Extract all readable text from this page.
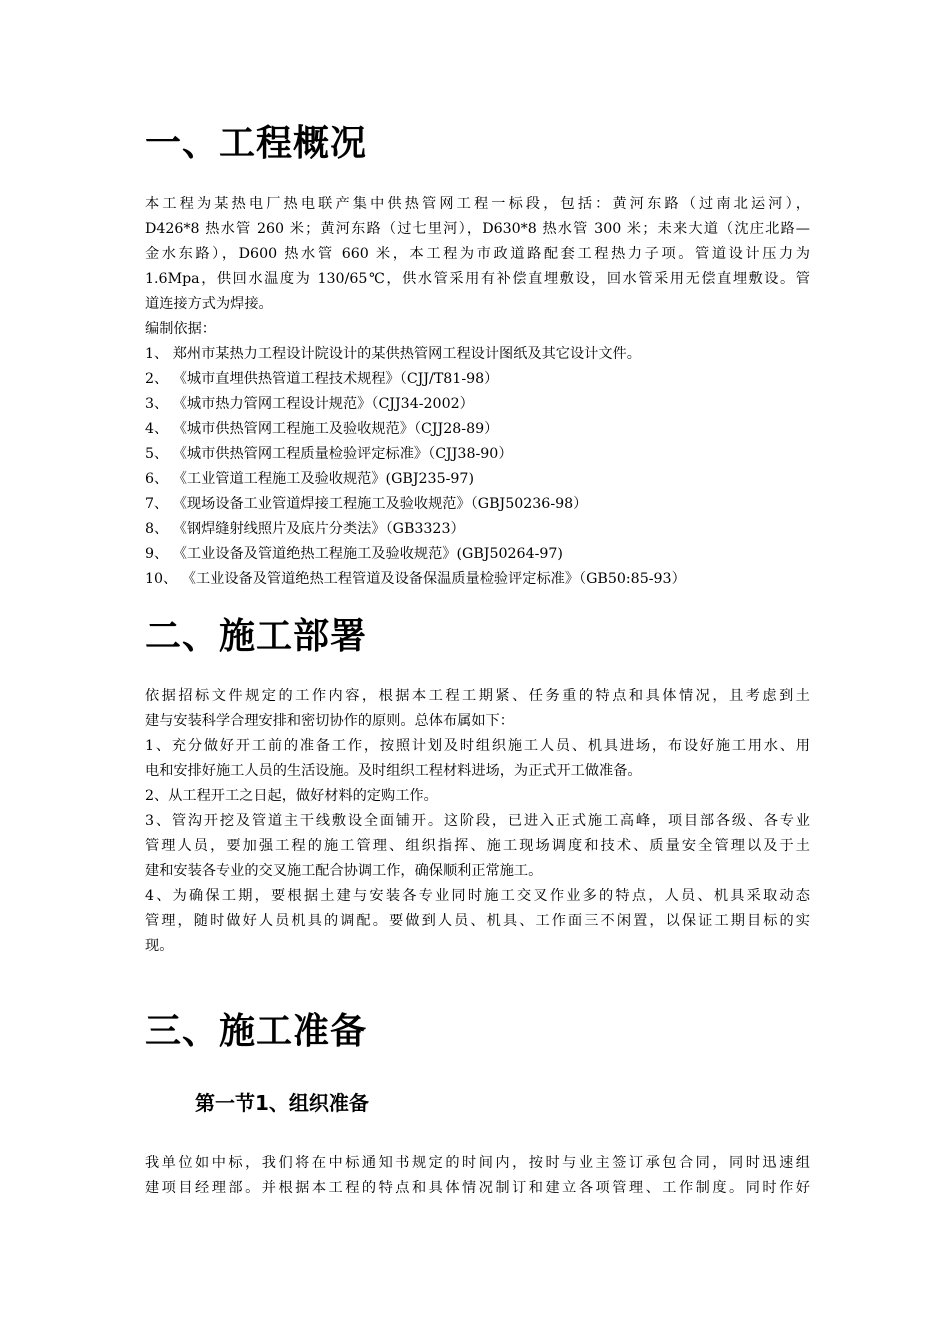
一、工程概况
本工程为某热电厂热电联产集中供热管网工程一标段，包括：黄河东路（过南北运河），
D426*8 热水管 260 米；黄河东路（过七里河），D630*8 热水管 300 米；未来大道（沈庄北路—
金水东路），D600 热水管 660 米，本工程为市政道路配套工程热力子项。管道设计压力为
1.6Mpa，供回水温度为 130/65℃，供水管采用有补偿直埋敷设，回水管采用无偿直埋敷设。管
道连接方式为焊接。
编制依据：
1、 郑州市某热力工程设计院设计的某供热管网工程设计图纸及其它设计文件。
2、 《城市直埋供热管道工程技术规程》（CJJ/T81-98）
3、 《城市热力管网工程设计规范》（CJJ34-2002）
4、 《城市供热管网工程施工及验收规范》（CJJ28-89）
5、 《城市供热管网工程质量检验评定标准》（CJJ38-90）
6、 《工业管道工程施工及验收规范》(GBJ235-97)
7、 《现场设备工业管道焊接工程施工及验收规范》（GBJ50236-98）
8、 《钢焊缝射线照片及底片分类法》（GB3323）
9、 《工业设备及管道绝热工程施工及验收规范》(GBJ50264-97)
10、 《工业设备及管道绝热工程管道及设备保温质量检验评定标准》（GB50:85-93）
二、施工部署
依据招标文件规定的工作内容，根据本工程工期紧、任务重的特点和具体情况，且考虑到土
建与安装科学合理安排和密切协作的原则。总体布属如下：
1、充分做好开工前的准备工作，按照计划及时组织施工人员、机具进场，布设好施工用水、用
电和安排好施工人员的生活设施。及时组织工程材料进场，为正式开工做准备。
2、从工程开工之日起，做好材料的定购工作。
3、管沟开挖及管道主干线敷设全面铺开。这阶段，已进入正式施工高峰，项目部各级、各专业
管理人员，要加强工程的施工管理、组织指挥、施工现场调度和技术、质量安全管理以及于土
建和安装各专业的交叉施工配合协调工作，确保顺利正常施工。
4、为确保工期，要根据土建与安装各专业同时施工交叉作业多的特点，人员、机具采取动态
管理，随时做好人员机具的调配。要做到人员、机具、工作面三不闲置，以保证工期目标的实
现。
三、施工准备
第一节1、组织准备
我单位如中标，我们将在中标通知书规定的时间内，按时与业主签订承包合同，同时迅速组
建项目经理部。并根据本工程的特点和具体情况制订和建立各项管理、工作制度。同时作好
